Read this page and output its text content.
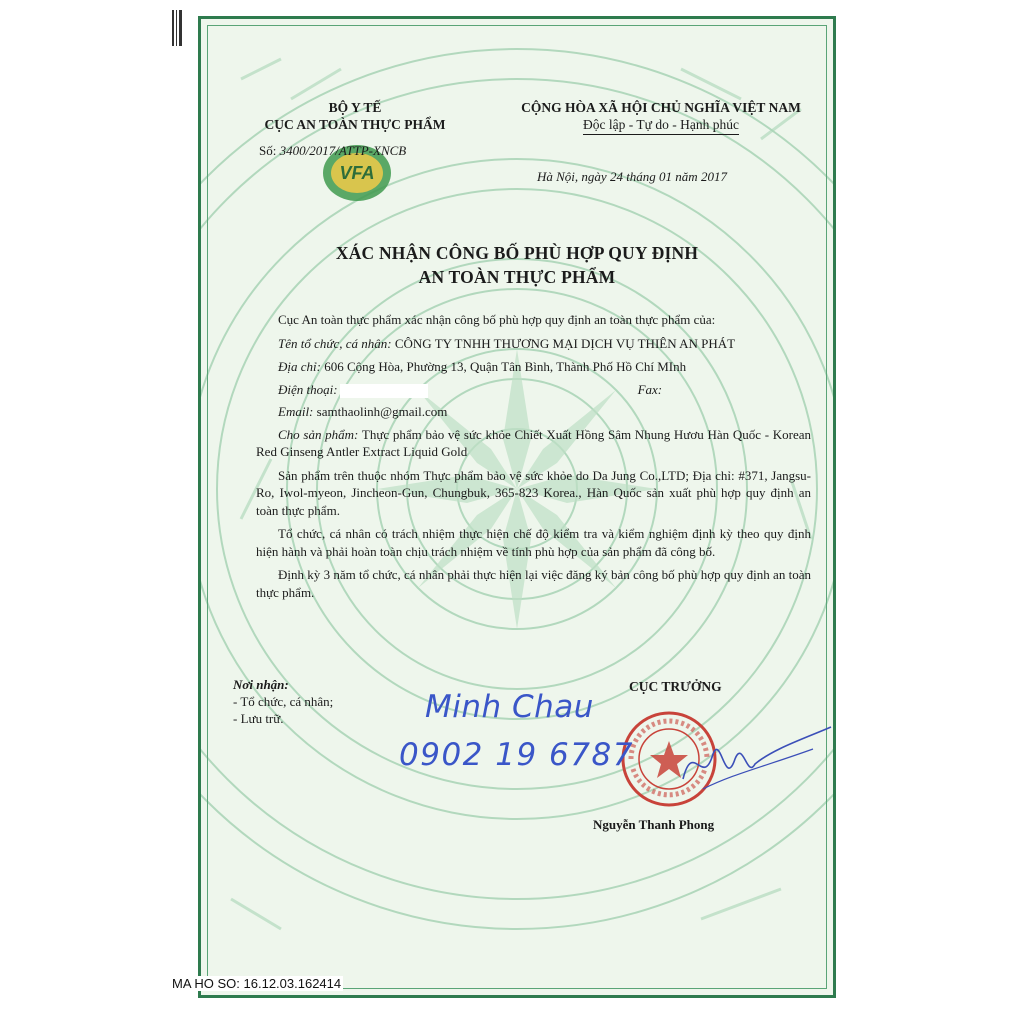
BỘ Y TẾ
CỤC AN TOÀN THỰC PHẨM
VFA
Số: 3400/2017/ATTP-XNCB
CỘNG HÒA XÃ HỘI CHỦ NGHĨA VIỆT NAM
Độc lập - Tự do - Hạnh phúc
Hà Nội, ngày 24 tháng 01 năm 2017
XÁC NHẬN CÔNG BỐ PHÙ HỢP QUY ĐỊNH
AN TOÀN THỰC PHẨM

Cục An toàn thực phẩm xác nhận công bố phù hợp quy định an toàn thực phẩm của:

Tên tổ chức, cá nhân: CÔNG TY TNHH THƯƠNG MẠI DỊCH VỤ THIÊN AN PHÁT

Địa chỉ: 606 Cộng Hòa, Phường 13, Quận Tân Bình, Thành Phố Hồ Chí MInh

Điện thoại:	Fax:

Email: samthaolinh@gmail.com

Cho sản phẩm: Thực phẩm bảo vệ sức khỏe Chiết Xuất Hồng Sâm Nhung Hươu Hàn Quốc - Korean Red Ginseng Antler Extract Liquid Gold

Sản phẩm trên thuộc nhóm Thực phẩm bảo vệ sức khỏe do Da Jung Co.,LTD; Địa chỉ: #371, Jangsu-Ro, Iwol-myeon, Jincheon-Gun, Chungbuk, 365-823 Korea., Hàn Quốc sản xuất phù hợp quy định an toàn thực phẩm.

Tổ chức, cá nhân có trách nhiệm thực hiện chế độ kiểm tra và kiểm nghiệm định kỳ theo quy định hiện hành và phải hoàn toàn chịu trách nhiệm về tính phù hợp của sản phẩm đã công bố.

Định kỳ 3 năm tổ chức, cá nhân phải thực hiện lại việc đăng ký bản công bố phù hợp quy định an toàn thực phẩm.

Nơi nhận:
- Tổ chức, cá nhân;
- Lưu trữ.
CỤC TRƯỞNG
Nguyễn Thanh Phong
Minh Chau
0902 19 6787
MA HO SO: 16.12.03.162414
